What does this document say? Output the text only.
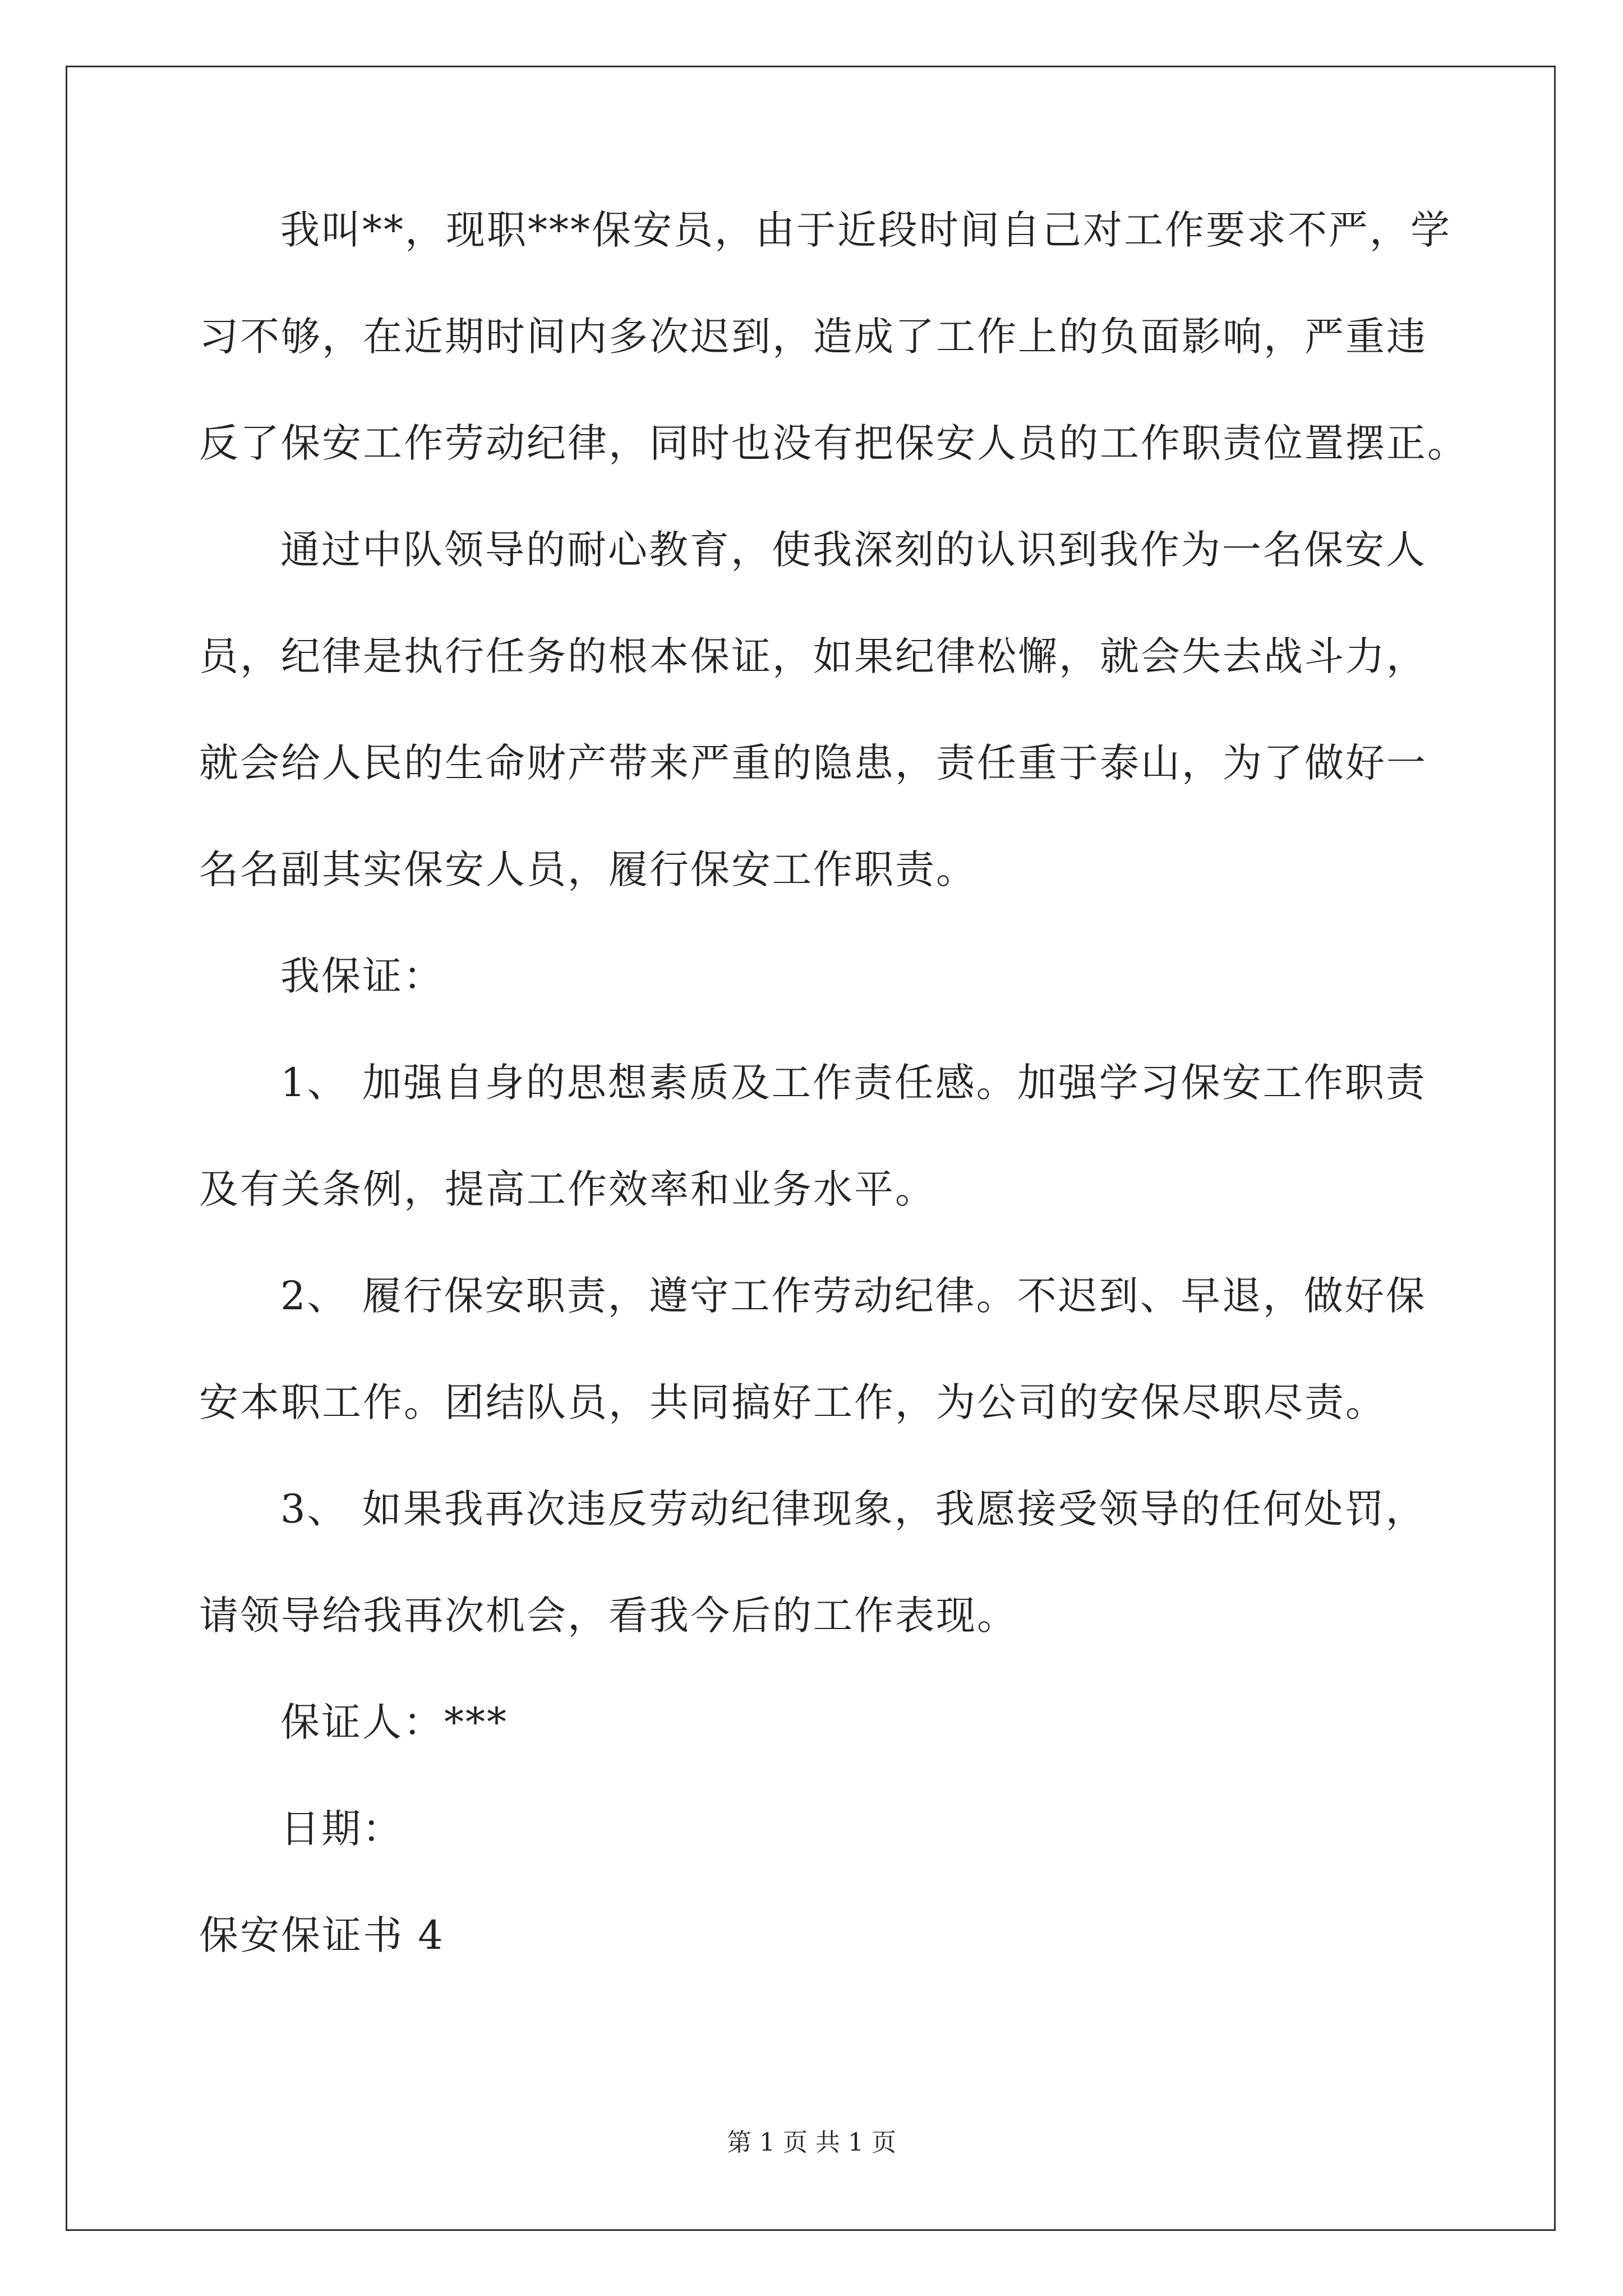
我叫**，现职***保安员，由于近段时间自己对工作要求不严，学
习不够，在近期时间内多次迟到，造成了工作上的负面影响，严重违
反了保安工作劳动纪律，同时也没有把保安人员的工作职责位置摆正。
通过中队领导的耐心教育，使我深刻的认识到我作为一名保安人
员，纪律是执行任务的根本保证，如果纪律松懈，就会失去战斗力，
就会给人民的生命财产带来严重的隐患，责任重于泰山，为了做好一
名名副其实保安人员，履行保安工作职责。
我保证：
1、 加强自身的思想素质及工作责任感。加强学习保安工作职责
及有关条例，提高工作效率和业务水平。
2、 履行保安职责，遵守工作劳动纪律。不迟到、早退，做好保
安本职工作。团结队员，共同搞好工作，为公司的安保尽职尽责。
3、 如果我再次违反劳动纪律现象，我愿接受领导的任何处罚，
请领导给我再次机会，看我今后的工作表现。
保证人：***
日期：
保安保证书 4
第 1 页 共 1 页
